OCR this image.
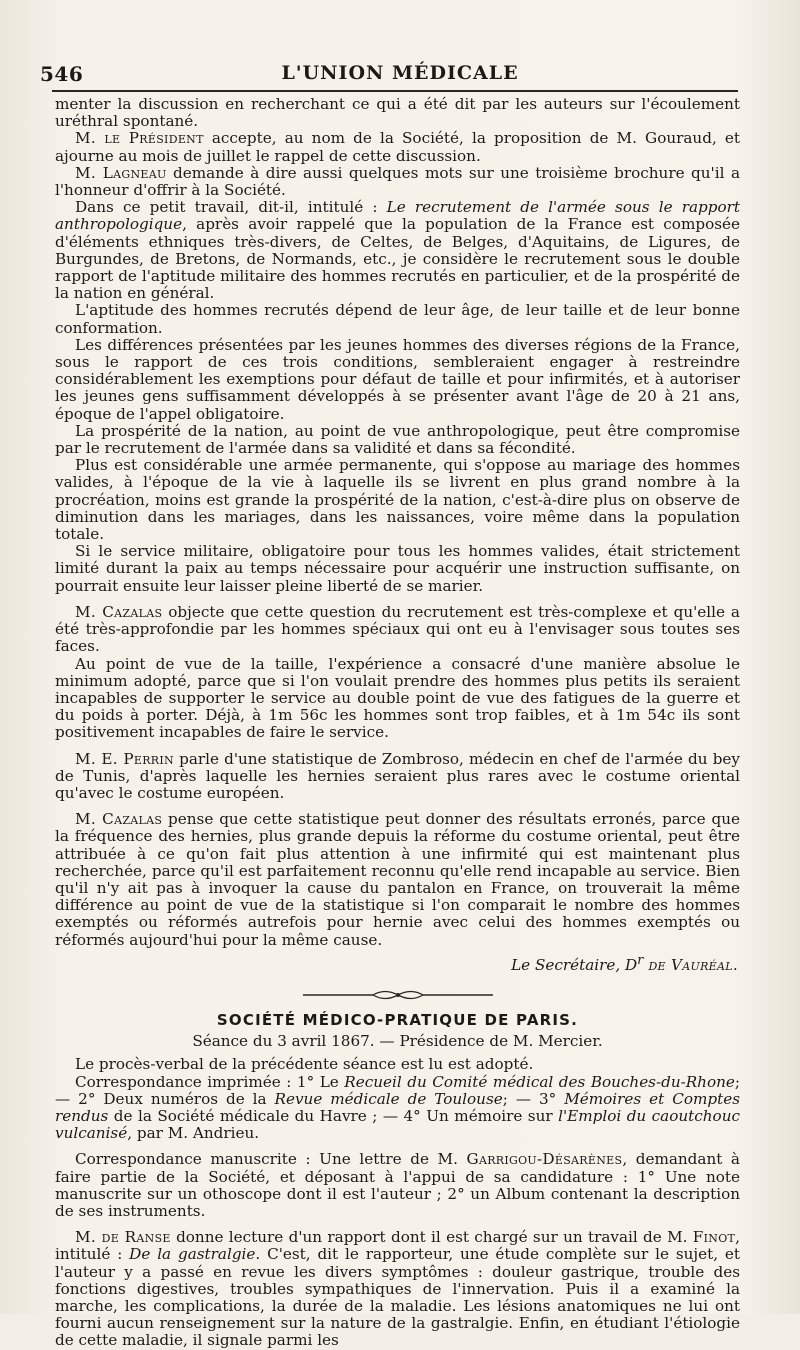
546	L'UNION MÉDICALE

menter la discussion en recherchant ce qui a été dit par les auteurs sur l'écoulement uréthral spontané.

M. le Président accepte, au nom de la Société, la proposition de M. Gouraud, et ajourne au mois de juillet le rappel de cette discussion.

M. Lagneau demande à dire aussi quelques mots sur une troisième brochure qu'il a l'honneur d'offrir à la Société.

Dans ce petit travail, dit-il, intitulé : Le recrutement de l'armée sous le rapport anthropologique, après avoir rappelé que la population de la France est composée d'éléments ethniques très-divers, de Celtes, de Belges, d'Aquitains, de Ligures, de Burgundes, de Bretons, de Normands, etc., je considère le recrutement sous le double rapport de l'aptitude militaire des hommes recrutés en particulier, et de la prospérité de la nation en général.

L'aptitude des hommes recrutés dépend de leur âge, de leur taille et de leur bonne conformation.

Les différences présentées par les jeunes hommes des diverses régions de la France, sous le rapport de ces trois conditions, sembleraient engager à restreindre considérablement les exemptions pour défaut de taille et pour infirmités, et à autoriser les jeunes gens suffisamment développés à se présenter avant l'âge de 20 à 21 ans, époque de l'appel obligatoire.

La prospérité de la nation, au point de vue anthropologique, peut être compromise par le recrutement de l'armée dans sa validité et dans sa fécondité.

Plus est considérable une armée permanente, qui s'oppose au mariage des hommes valides, à l'époque de la vie à laquelle ils se livrent en plus grand nombre à la procréation, moins est grande la prospérité de la nation, c'est-à-dire plus on observe de diminution dans les mariages, dans les naissances, voire même dans la population totale.

Si le service militaire, obligatoire pour tous les hommes valides, était strictement limité durant la paix au temps nécessaire pour acquérir une instruction suffisante, on pourrait ensuite leur laisser pleine liberté de se marier.

M. Cazalas objecte que cette question du recrutement est très-complexe et qu'elle a été très-approfondie par les hommes spéciaux qui ont eu à l'envisager sous toutes ses faces.

Au point de vue de la taille, l'expérience a consacré d'une manière absolue le minimum adopté, parce que si l'on voulait prendre des hommes plus petits ils seraient incapables de supporter le service au double point de vue des fatigues de la guerre et du poids à porter. Déjà, à 1m 56c les hommes sont trop faibles, et à 1m 54c ils sont positivement incapables de faire le service.

M. E. Perrin parle d'une statistique de Zombroso, médecin en chef de l'armée du bey de Tunis, d'après laquelle les hernies seraient plus rares avec le costume oriental qu'avec le costume européen.

M. Cazalas pense que cette statistique peut donner des résultats erronés, parce que la fréquence des hernies, plus grande depuis la réforme du costume oriental, peut être attribuée à ce qu'on fait plus attention à une infirmité qui est maintenant plus recherchée, parce qu'il est parfaitement reconnu qu'elle rend incapable au service. Bien qu'il n'y ait pas à invoquer la cause du pantalon en France, on trouverait la même différence au point de vue de la statistique si l'on comparait le nombre des hommes exemptés ou réformés autrefois pour hernie avec celui des hommes exemptés ou réformés aujourd'hui pour la même cause.

Le Secrétaire, $D^r$ de Vauréal.
SOCIÉTÉ MÉDICO-PRATIQUE DE PARIS.
Séance du 3 avril 1867. — Présidence de M. Mercier.

Le procès-verbal de la précédente séance est lu est adopté.

Correspondance imprimée : 1° Le Recueil du Comité médical des Bouches-du-Rhone; — 2° Deux numéros de la Revue médicale de Toulouse; — 3° Mémoires et Comptes rendus de la Société médicale du Havre ; — 4° Un mémoire sur l'Emploi du caoutchouc vulcanisé, par M. Andrieu.

Correspondance manuscrite : Une lettre de M. Garrigou-Désarènes, demandant à faire partie de la Société, et déposant à l'appui de sa candidature : 1° Une note manuscrite sur un othoscope dont il est l'auteur ; 2° un Album contenant la description de ses instruments.

M. de Ranse donne lecture d'un rapport dont il est chargé sur un travail de M. Finot, intitulé : De la gastralgie. C'est, dit le rapporteur, une étude complète sur le sujet, et l'auteur y a passé en revue les divers symptômes : douleur gastrique, trouble des fonctions digestives, troubles sympathiques de l'innervation. Puis il a examiné la marche, les complications, la durée de la maladie. Les lésions anatomiques ne lui ont fourni aucun renseignement sur la nature de la gastralgie. Enfin, en étudiant l'étiologie de cette maladie, il signale parmi les
